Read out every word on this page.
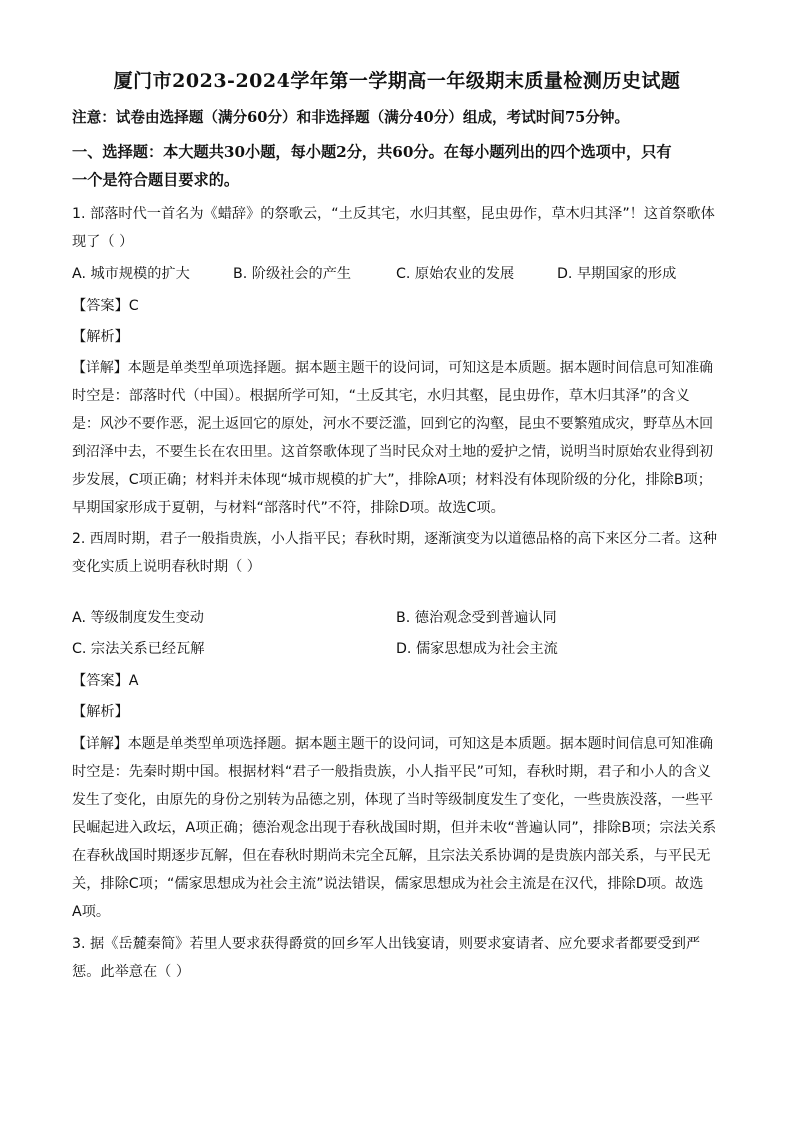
厦门市2023-2024学年第一学期高一年级期末质量检测历史试题
注意：试卷由选择题（满分60分）和非选择题（满分40分）组成，考试时间75分钟。
一、选择题：本大题共30小题，每小题2分，共60分。在每小题列出的四个选项中，只有
一个是符合题目要求的。
1. 部落时代一首名为《蜡辞》的祭歌云，“土反其宅，水归其壑，昆虫毋作，草木归其泽”！这首祭歌体
现了（ ）
A. 城市规模的扩大	B. 阶级社会的产生	C. 原始农业的发展	D. 早期国家的形成
【答案】C
【解析】
【详解】本题是单类型单项选择题。据本题主题干的设问词，可知这是本质题。据本题时间信息可知准确
时空是：部落时代（中国）。根据所学可知，“土反其宅，水归其壑，昆虫毋作，草木归其泽”的含义
是：风沙不要作恶，泥土返回它的原处，河水不要泛滥，回到它的沟壑，昆虫不要繁殖成灾，野草丛木回
到沼泽中去，不要生长在农田里。这首祭歌体现了当时民众对土地的爱护之情，说明当时原始农业得到初
步发展，C项正确；材料并未体现“城市规模的扩大”，排除A项；材料没有体现阶级的分化，排除B项；
早期国家形成于夏朝，与材料“部落时代”不符，排除D项。故选C项。
2. 西周时期，君子一般指贵族，小人指平民；春秋时期，逐渐演变为以道德品格的高下来区分二者。这种
变化实质上说明春秋时期（ ）
A. 等级制度发生变动	B. 德治观念受到普遍认同
C. 宗法关系已经瓦解	D. 儒家思想成为社会主流
【答案】A
【解析】
【详解】本题是单类型单项选择题。据本题主题干的设问词，可知这是本质题。据本题时间信息可知准确
时空是：先秦时期中国。根据材料“君子一般指贵族，小人指平民”可知，春秋时期，君子和小人的含义
发生了变化，由原先的身份之别转为品德之别，体现了当时等级制度发生了变化，一些贵族没落，一些平
民崛起进入政坛，A项正确；德治观念出现于春秋战国时期，但并未收“普遍认同”，排除B项；宗法关系
在春秋战国时期逐步瓦解，但在春秋时期尚未完全瓦解，且宗法关系协调的是贵族内部关系，与平民无
关，排除C项；“儒家思想成为社会主流”说法错误，儒家思想成为社会主流是在汉代，排除D项。故选
A项。
3. 据《岳麓秦简》若里人要求获得爵赏的回乡军人出钱宴请，则要求宴请者、应允要求者都要受到严
惩。此举意在（ ）
